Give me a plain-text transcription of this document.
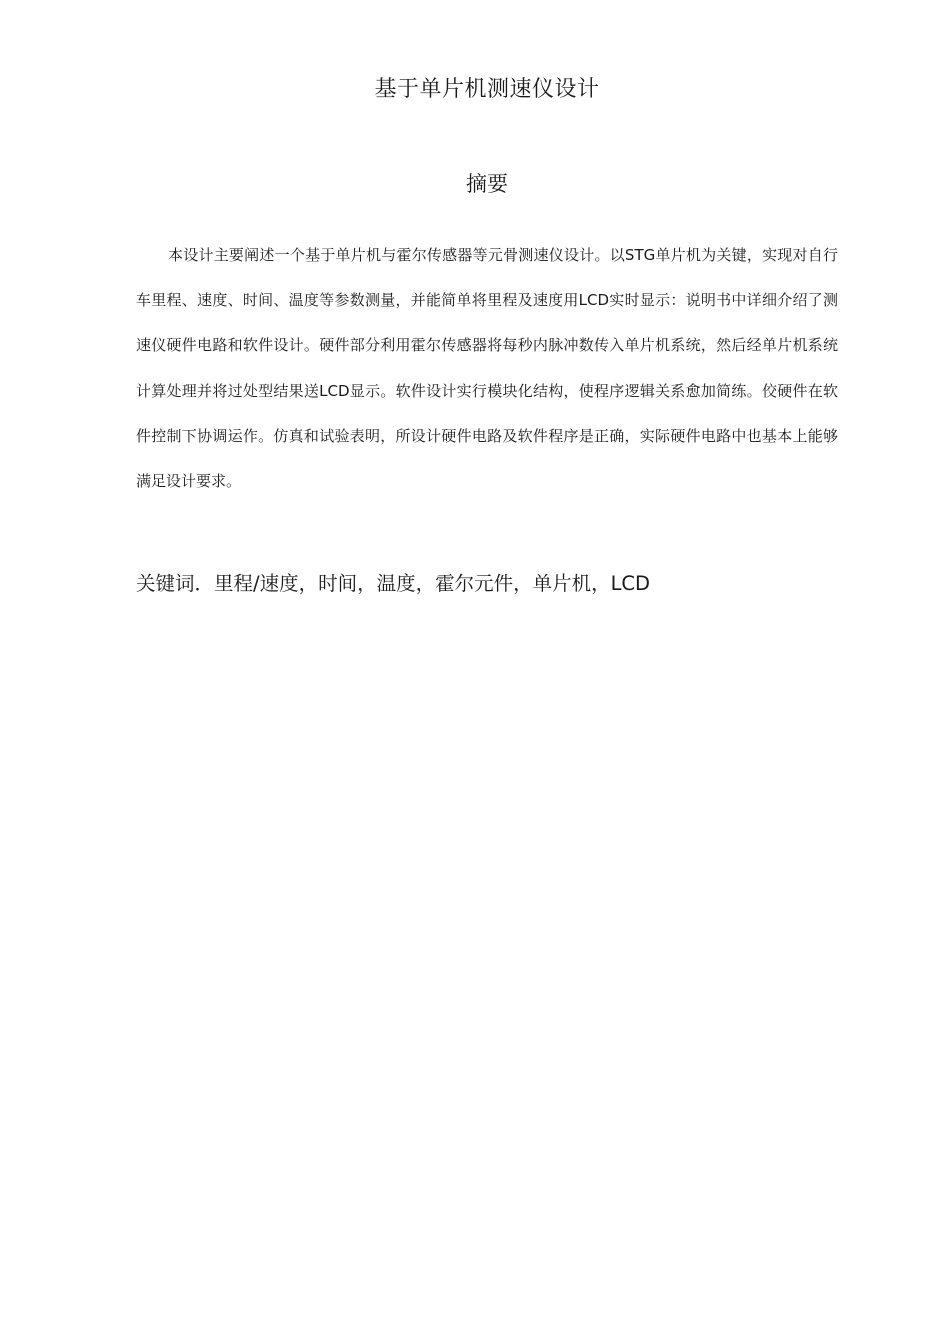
基于单片机测速仪设计
摘要

本设计主要阐述一个基于单片机与霍尔传感器等元骨测速仪设计。以STG单片机为关键，实现对自行车里程、速度、时间、温度等参数测量，并能简单将里程及速度用LCD实时显示：说明书中详细介绍了测速仪硬件电路和软件设计。硬件部分利用霍尔传感器将每秒内脉冲数传入单片机系统，然后经单片机系统计算处理并将过处型结果送LCD显示。软件设计实行模块化结构，使程序逻辑关系愈加简练。佼硬件在软件控制下协调运作。仿真和试验表明，所设计硬件电路及软件程序是正确，实际硬件电路中也基本上能够满足设计要求。

关键词．里程/速度，时间，温度，霍尔元件，单片机，LCD
